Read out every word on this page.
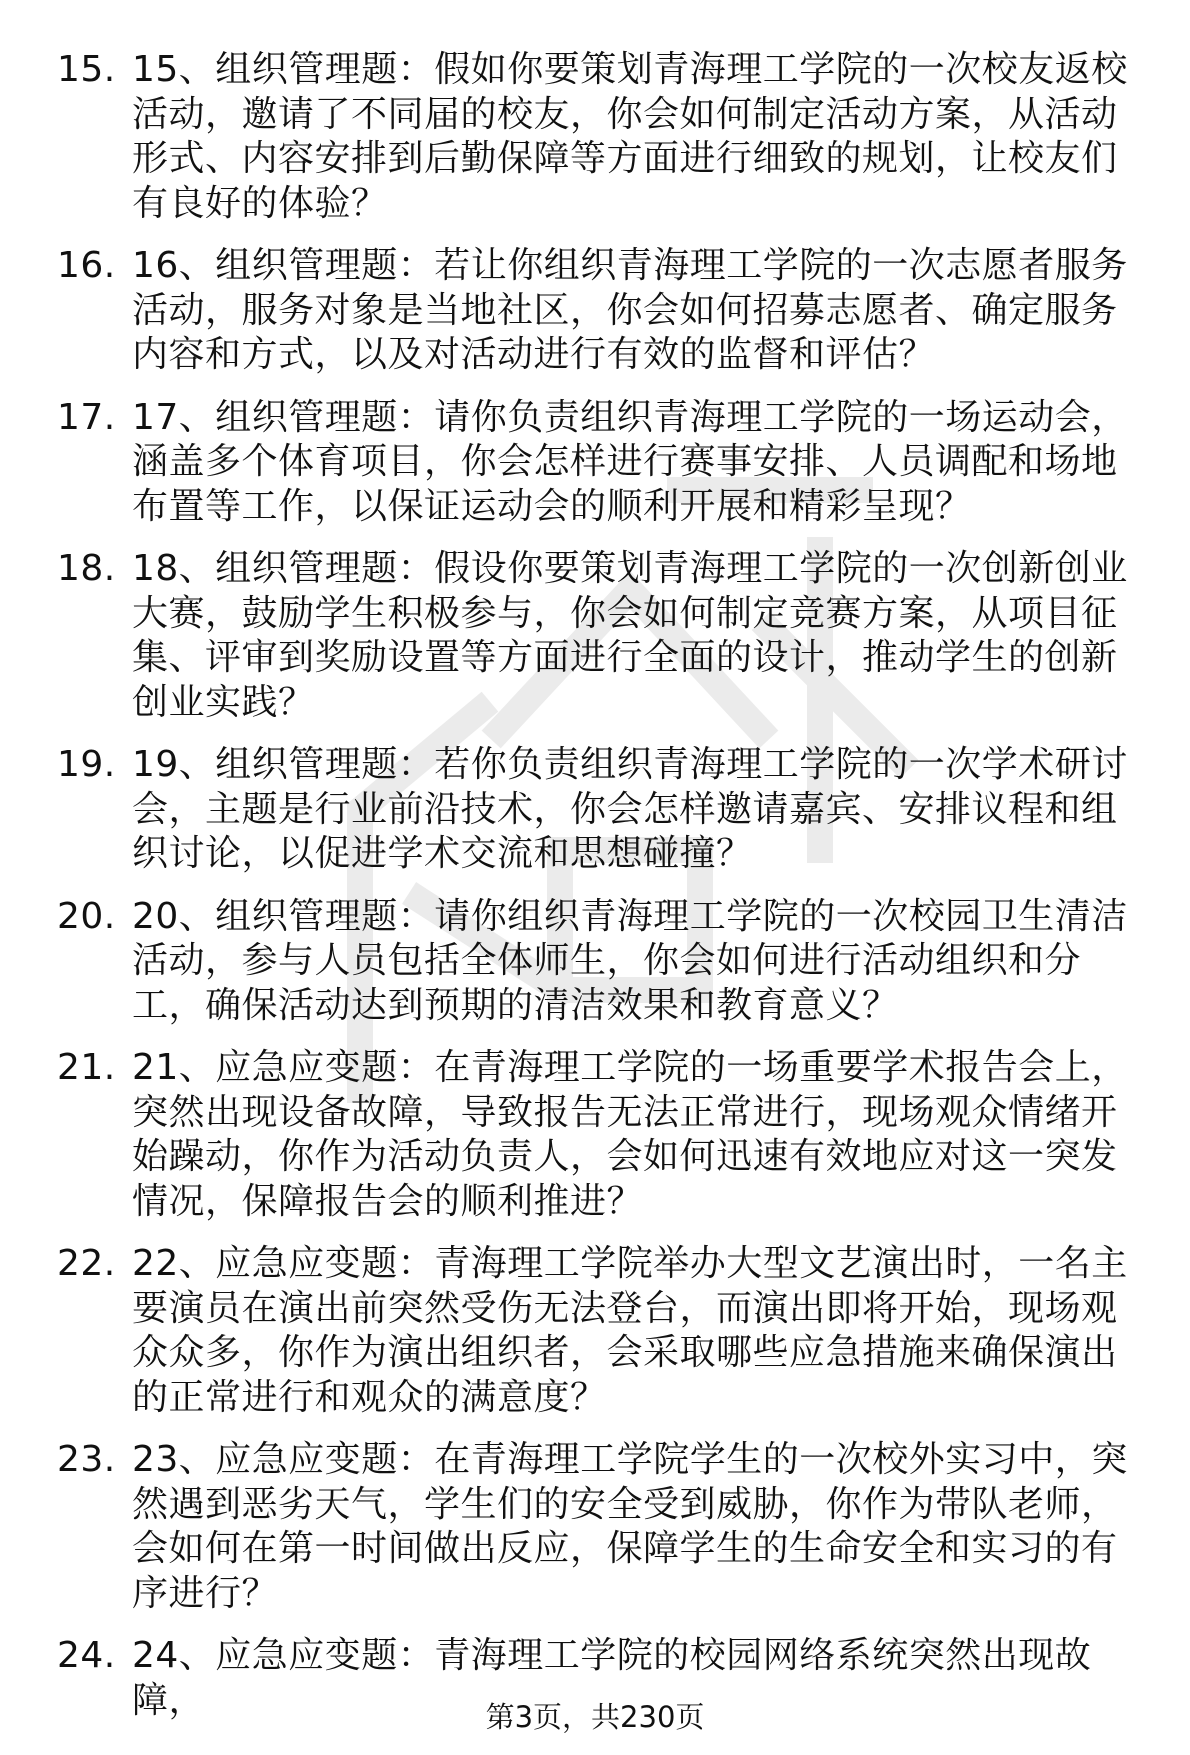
15. 15、组织管理题：假如你要策划青海理工学院的一次校友返校活动，邀请了不同届的校友，你会如何制定活动方案，从活动形式、内容安排到后勤保障等方面进行细致的规划，让校友们有良好的体验？
16. 16、组织管理题：若让你组织青海理工学院的一次志愿者服务活动，服务对象是当地社区，你会如何招募志愿者、确定服务内容和方式，以及对活动进行有效的监督和评估？
17. 17、组织管理题：请你负责组织青海理工学院的一场运动会，涵盖多个体育项目，你会怎样进行赛事安排、人员调配和场地布置等工作，以保证运动会的顺利开展和精彩呈现？
18. 18、组织管理题：假设你要策划青海理工学院的一次创新创业大赛，鼓励学生积极参与，你会如何制定竞赛方案，从项目征集、评审到奖励设置等方面进行全面的设计，推动学生的创新创业实践？
19. 19、组织管理题：若你负责组织青海理工学院的一次学术研讨会，主题是行业前沿技术，你会怎样邀请嘉宾、安排议程和组织讨论，以促进学术交流和思想碰撞？
20. 20、组织管理题：请你组织青海理工学院的一次校园卫生清洁活动，参与人员包括全体师生，你会如何进行活动组织和分工，确保活动达到预期的清洁效果和教育意义？
21. 21、应急应变题：在青海理工学院的一场重要学术报告会上，突然出现设备故障，导致报告无法正常进行，现场观众情绪开始躁动，你作为活动负责人，会如何迅速有效地应对这一突发情况，保障报告会的顺利推进？
22. 22、应急应变题：青海理工学院举办大型文艺演出时，一名主要演员在演出前突然受伤无法登台，而演出即将开始，现场观众众多，你作为演出组织者，会采取哪些应急措施来确保演出的正常进行和观众的满意度？
23. 23、应急应变题：在青海理工学院学生的一次校外实习中，突然遇到恶劣天气，学生们的安全受到威胁，你作为带队老师，会如何在第一时间做出反应，保障学生的生命安全和实习的有序进行？
24. 24、应急应变题：青海理工学院的校园网络系统突然出现故障，	第3页，共230页
